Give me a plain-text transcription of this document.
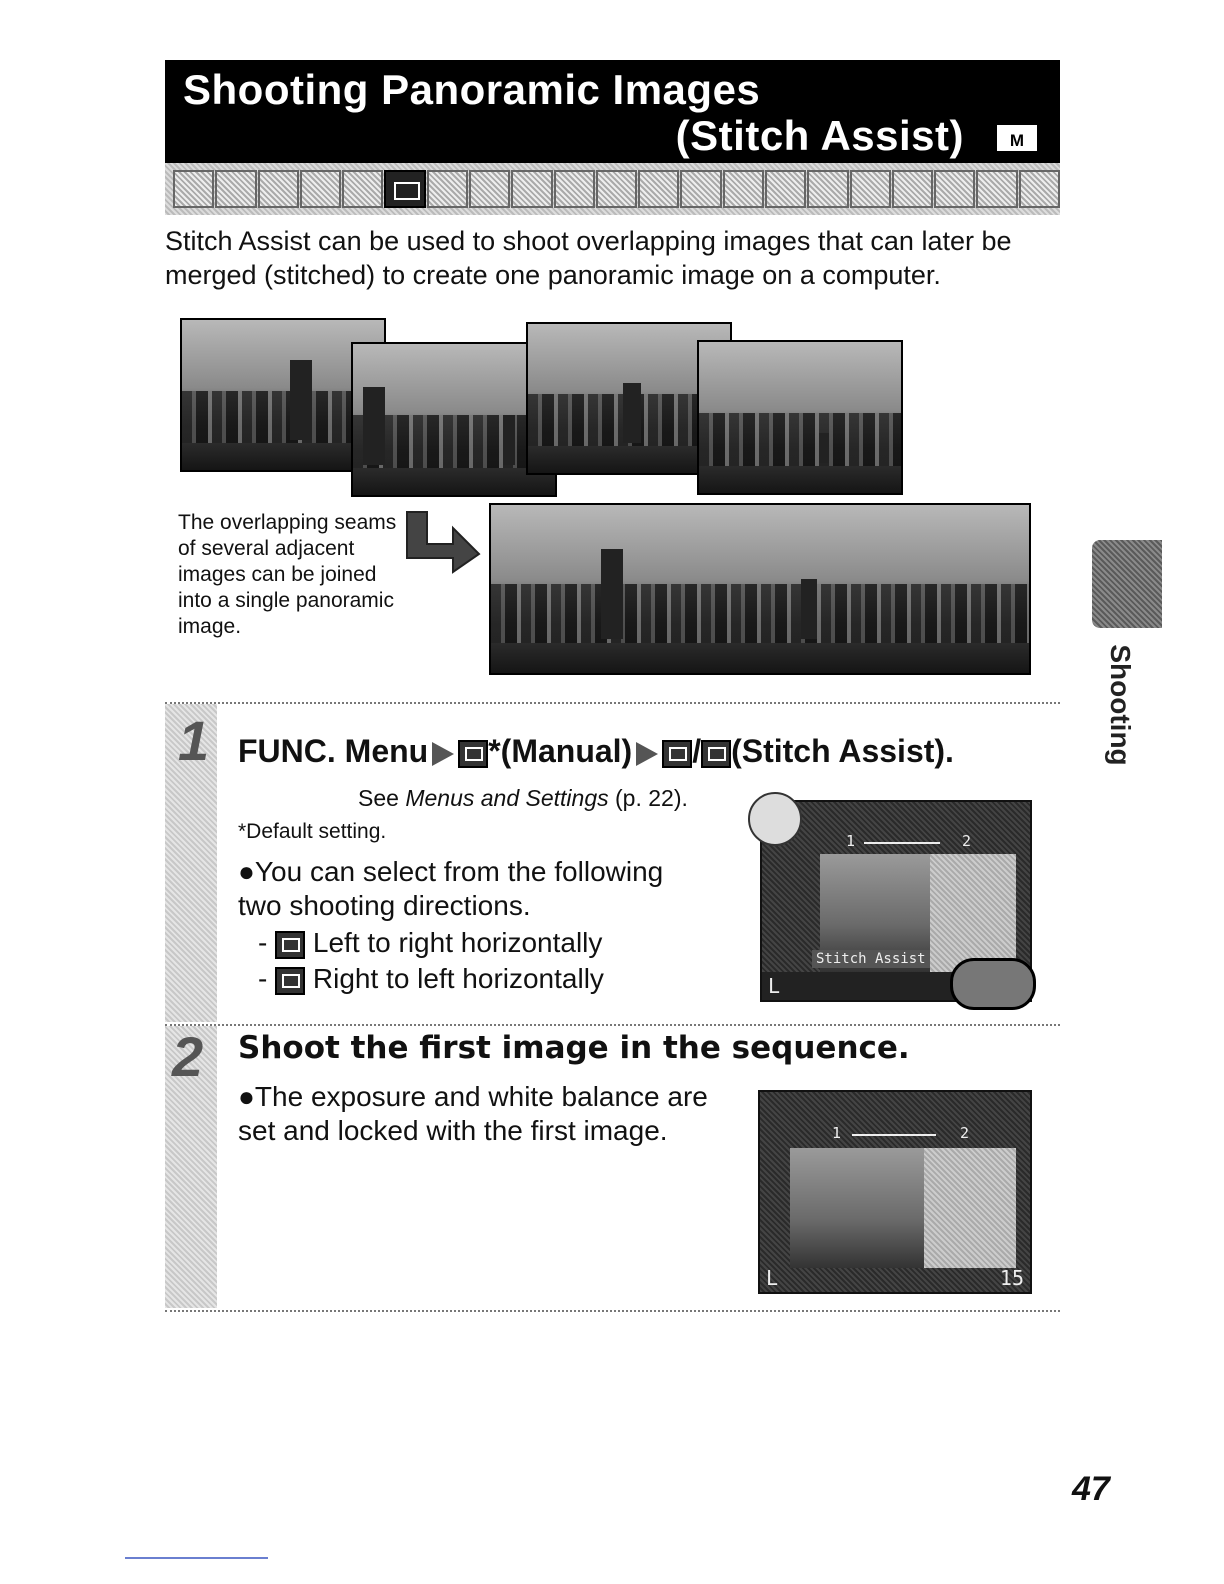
Shooting Panoramic Images
(Stitch Assist)	M
Stitch Assist can be used to shoot overlapping images that can later be merged (stitched) to create one panoramic image on a computer.
The overlapping seams of several adjacent images can be joined into a single panoramic image.
1 FUNC. Menu *(Manual) / (Stitch Assist).
See Menus and Settings (p. 22).
*Default setting.
●You can select from the following two shooting directions.
-  Left to right horizontally
-  Right to left horizontally
1	2
Stitch Assist
L
2 Shoot the first image in the sequence.
●The exposure and white balance are set and locked with the first image.	1	2
L	15
Shooting
47
